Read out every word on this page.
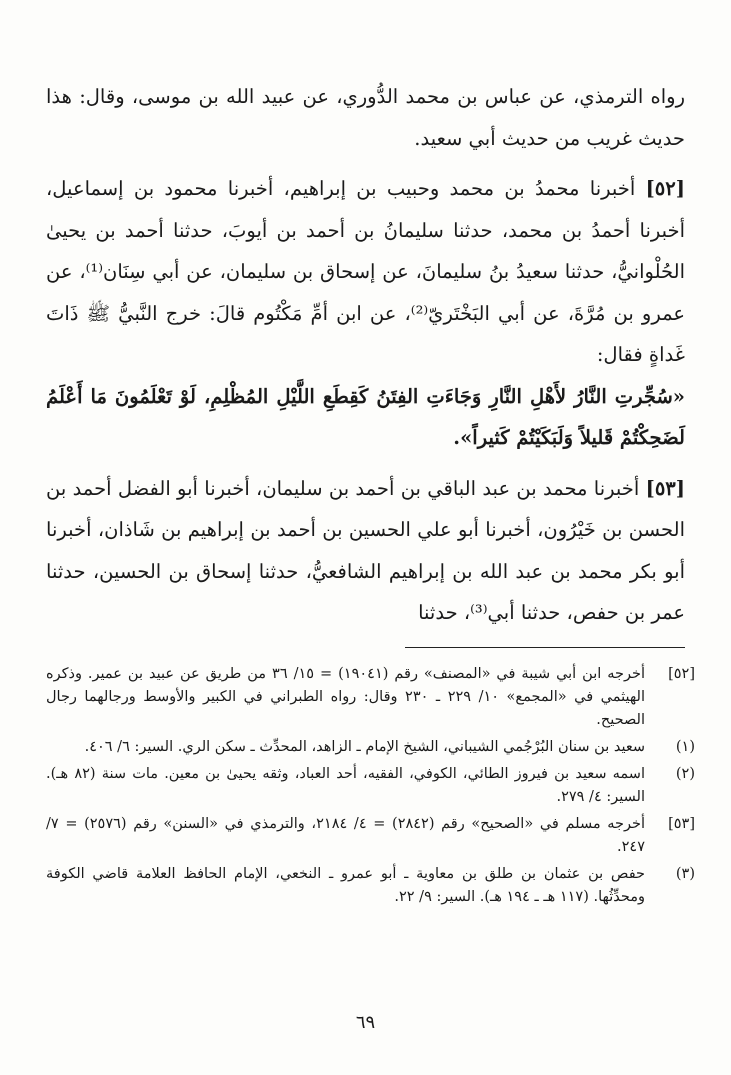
رواه الترمذي، عن عباس بن محمد الدُّوري، عن عبيد الله بن موسى، وقال: هذا حديث غريب من حديث أبي سعيد.

[٥٢] أخبرنا محمدُ بن محمد وحبيب بن إبراهيم، أخبرنا محمود بن إسماعيل، أخبرنا أحمدُ بن محمد، حدثنا سليمانُ بن أحمد بن أيوبَ، حدثنا أحمد بن يحيىٰ الحُلْوانيُّ، حدثنا سعيدُ بنُ سليمانَ، عن إسحاق بن سليمان، عن أبي سِنَان⁽¹⁾، عن عمرو بن مُرَّةَ، عن أبي البَخْتَريّ⁽²⁾، عن ابن أمِّ مَكْتُوم قالَ: خرج النَّبيُّ ﷺ ذَاتَ غَداةٍ فقال:

«سُجِّرتِ النَّارُ لأَهْلِ النَّارِ وَجَاءَتِ الفِتَنُ كَقِطَعِ اللَّيْلِ المُظْلِمِ، لَوْ تَعْلَمُونَ مَا أَعْلَمُ لَضَحِكْتُمْ قَليلاً وَلَبَكَيْتُمْ كَثيراً».

[٥٣] أخبرنا محمد بن عبد الباقي بن أحمد بن سليمان، أخبرنا أبو الفضل أحمد بن الحسن بن خَيْرُون، أخبرنا أبو علي الحسين بن أحمد بن إبراهيم بن شَاذان، أخبرنا أبو بكر محمد بن عبد الله بن إبراهيم الشافعيُّ، حدثنا إسحاق بن الحسين، حدثنا عمر بن حفص، حدثنا أبي⁽³⁾، حدثنا

[٥٢]
أخرجه ابن أبي شيبة في «المصنف» رقم (١٩٠٤١) = ١٥/ ٣٦ من طريق عن عبيد بن عمير. وذكره الهيثمي في «المجمع» ١٠/ ٢٢٩ ـ ٢٣٠ وقال: رواه الطبراني في الكبير والأوسط ورجالهما رجال الصحيح.
(١)
سعيد بن سنان البُرْجُمي الشيباني، الشيخ الإمام ـ الزاهد، المحدِّث ـ سكن الري. السير: ٦/ ٤٠٦.
(٢)
اسمه سعيد بن فيروز الطائي، الكوفي، الفقيه، أحد العباد، وثقه يحيىٰ بن معين. مات سنة (٨٢ هـ). السير: ٤/ ٢٧٩.
[٥٣]
أخرجه مسلم في «الصحيح» رقم (٢٨٤٢) = ٤/ ٢١٨٤، والترمذي في «السنن» رقم (٢٥٧٦) = ٧/ ٢٤٧.
(٣)
حفص بن عثمان بن طلق بن معاوية ـ أبو عمرو ـ النخعي، الإمام الحافظ العلامة قاضي الكوفة ومحدِّثُها. (١١٧ هـ ـ ١٩٤ هـ). السير: ٩/ ٢٢.
٦٩
